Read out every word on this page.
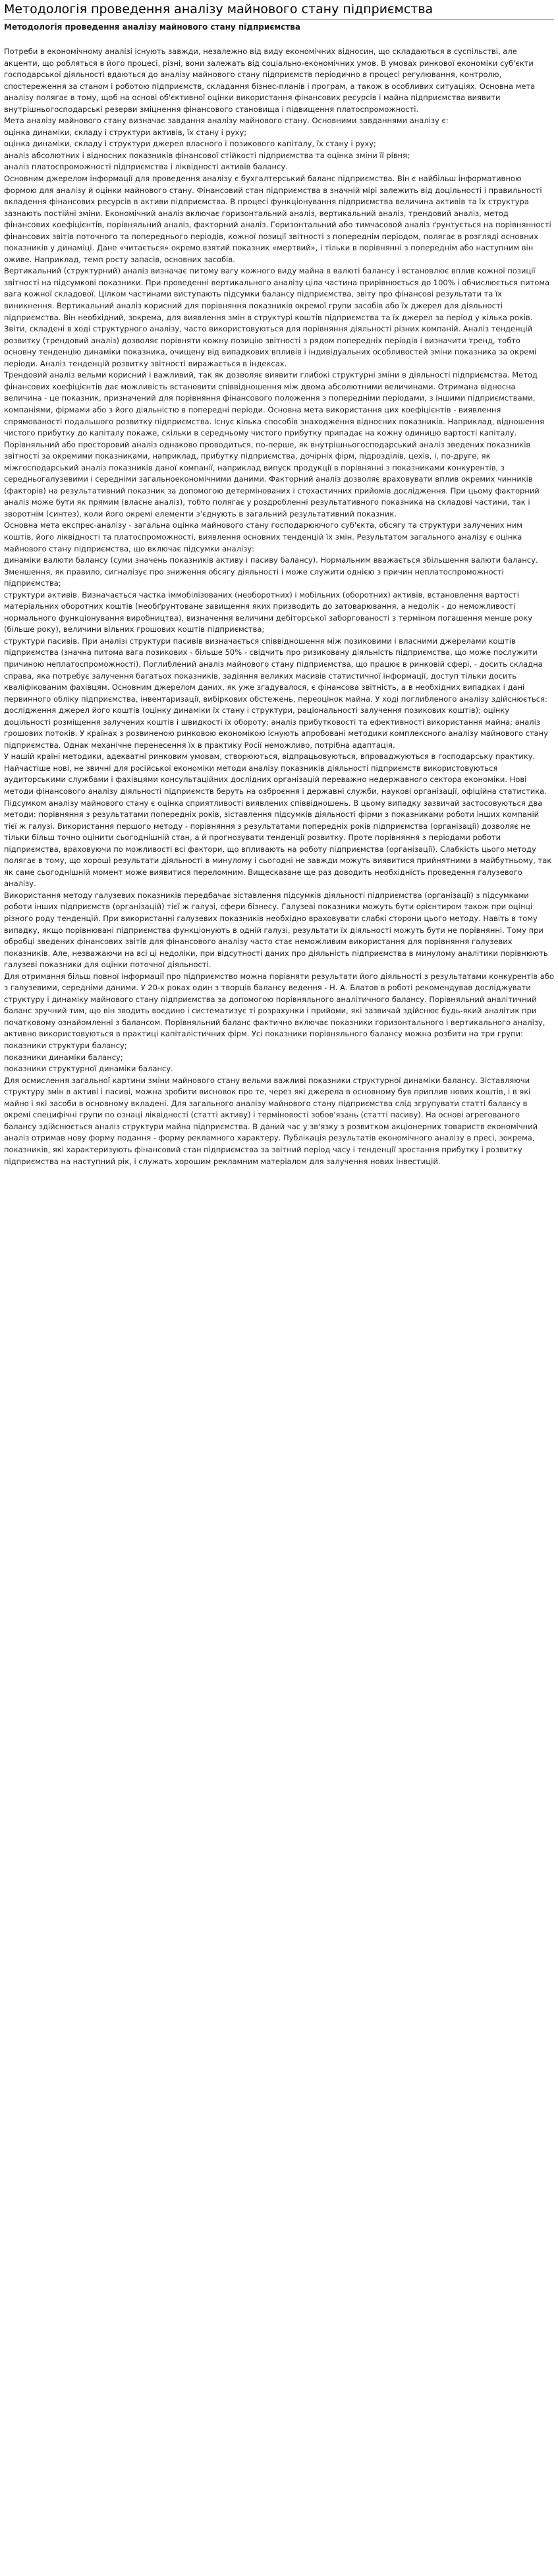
Методологія проведення аналізу майнового стану підприємства
Методологія проведення аналізу майнового стану підприємства

Потреби в економічному аналізі існують завжди, незалежно від виду економічних відносин, що складаються в суспільстві, але акценти, що робляться в його процесі, різні, вони залежать від соціально-економічних умов. В умовах ринкової економіки суб'єкти господарської діяльності вдаються до аналізу майнового стану підприємств періодично в процесі регулювання, контролю, спостереження за станом і роботою підприємств, складання бізнес-планів і програм, а також в особливих ситуаціях. Основна мета аналізу полягає в тому, щоб на основі об'єктивної оцінки використання фінансових ресурсів і майна підприємства виявити внутрішньогосподарські резерви зміцнення фінансового становища і підвищення платоспроможності.

Мета аналізу майнового стану визначає завдання аналізу майнового стану. Основними завданнями аналізу є:

оцінка динаміки, складу і структури активів, їх стану і руху;

оцінка динаміки, складу і структури джерел власного і позикового капіталу, їх стану і руху;

аналіз абсолютних і відносних показників фінансової стійкості підприємства та оцінка зміни її рівня;

аналіз платоспроможності підприємства і ліквідності активів балансу.

Основним джерелом інформації для проведення аналізу є бухгалтерський баланс підприємства. Він є найбільш інформативною формою для аналізу й оцінки майнового стану. Фінансовий стан підприємства в значній мірі залежить від доцільності і правильності вкладення фінансових ресурсів в активи підприємства. В процесі функціонування підприємства величина активів та їх структура зазнають постійні зміни. Економічний аналіз включає горизонтальний аналіз, вертикальний аналіз, трендовий аналіз, метод фінансових коефіцієнтів, порівняльний аналіз, факторний аналіз. Горизонтальний або тимчасовой аналіз ґрунтується на порівнянності фінансових звітів поточного та попереднього періодів, кожної позиції звітності з попереднім періодом, полягає в розгляді основних показників у динаміці. Дане «читається» окремо взятий показник «мертвий», і тільки в порівнянні з попереднім або наступним він оживе. Наприклад, темп росту запасів, основних засобів.

Вертикальний (структурний) аналіз визначає питому вагу кожного виду майна в валюті балансу і встановлює вплив кожної позиції звітності на підсумкові показники. При проведенні вертикального аналізу ціла частина прирівнюється до 100% і обчислюється питома вага кожної складової. Цілком частинами виступають підсумки балансу підприємства, звіту про фінансові результати та їх виникнення. Вертикальний аналіз корисний для порівняння показників окремої групи засобів або їх джерел для діяльності підприємства. Він необхідний, зокрема, для виявлення змін в структурі коштів підприємства та їх джерел за період у кілька років. Звіти, складені в ході структурного аналізу, часто використовуються для порівняння діяльності різних компаній. Аналіз тенденцій розвитку (трендовий аналіз) дозволяє порівняти кожну позицію звітності з рядом попередніх періодів і визначити тренд, тобто основну тенденцію динаміки показника, очищену від випадкових впливів і індивідуальних особливостей зміни показника за окремі періоди. Аналіз тенденцій розвитку звітності виражається в індексах.

Трендовий аналіз вельми корисний і важливий, так як дозволяє виявити глибокі структурні зміни в діяльності підприємства. Метод фінансових коефіцієнтів дає можливість встановити співвідношення між двома абсолютними величинами. Отримана відносна величина - це показник, призначений для порівняння фінансового положення з попередніми періодами, з іншими підприємствами, компаніями, фірмами або з його діяльністю в попередні періоди. Основна мета використання цих коефіцієнтів - виявлення спрямованості подальшого розвитку підприємства. Існує кілька способів знаходження відносних показників. Наприклад, відношення чистого прибутку до капіталу покаже, скільки в середньому чистого прибутку припадає на кожну одиницю вартості капіталу. Порівняльний або просторовий аналіз однаково проводиться, по-перше, як внутрішньогосподарський аналіз зведених показників звітності за окремими показниками, наприклад, прибутку підприємства, дочірніх фірм, підрозділів, цехів, і, по-друге, як міжгосподарський аналіз показників даної компанії, наприклад випуск продукції в порівнянні з показниками конкурентів, з середньогалузевими і середніми загальноекономічними даними. Факторний аналіз дозволяє враховувати вплив окремих чинників (факторів) на результативний показник за допомогою детермінованих і стохастичних прийомів дослідження. При цьому факторний аналіз може бути як прямим (власне аналіз), тобто полягає у роздробленні результативного показника на складові частини, так і зворотнім (синтез), коли його окремі елементи з'єднують в загальний результативний показник.

Основна мета експрес-аналізу - загальна оцінка майнового стану господарюючого суб'єкта, обсягу та структури залучених ним коштів, його ліквідності та платоспроможності, виявлення основних тенденцій їх змін. Результатом загального аналізу є оцінка майнового стану підприємства, що включає підсумки аналізу:

динаміки валюти балансу (суми значень показників активу і пасиву балансу). Нормальним вважається збільшення валюти балансу. Зменшення, як правило, сигналізує про зниження обсягу діяльності і може служити однією з причин неплатоспроможності підприємства;

структури активів. Визначається частка іммобілізованих (необоротних) і мобільних (оборотних) активів, встановлення вартості матеріальних оборотних коштів (необґрунтоване завищення яких призводить до затоварювання, а недолік - до неможливості нормального функціонування виробництва), визначення величини дебіторської заборгованості з терміном погашення менше року (більше року), величини вільних грошових коштів підприємства;

структури пасивів. При аналізі структури пасивів визначається співвідношення між позиковими і власними джерелами коштів підприємства (значна питома вага позикових - більше 50% - свідчить про ризиковану діяльність підприємства, що може послужити причиною неплатоспроможності). Поглиблений аналіз майнового стану підприємства, що працює в ринковій сфері, - досить складна справа, яка потребує залучення багатьох показників, задіяння великих масивів статистичної інформації, доступ тільки досить кваліфікованим фахівцям. Основним джерелом даних, як уже згадувалося, є фінансова звітність, а в необхідних випадках і дані первинного обліку підприємства, інвентаризації, вибіркових обстежень, переоцінок майна. У ході поглибленого аналізу здійснюється: дослідження джерел його коштів (оцінку динаміки їх стану і структури, раціональності залучення позикових коштів); оцінку доцільності розміщення залучених коштів і швидкості їх обороту; аналіз прибутковості та ефективності використання майна; аналіз грошових потоків. У країнах з розвиненою ринковою економікою існують апробовані методики комплексного аналізу майнового стану підприємства. Однак механічне перенесення їх в практику Росії неможливо, потрібна адаптація.

У нашій країні методики, адекватні ринковим умовам, створюються, відпрацьовуються, впроваджуються в господарську практику. Найчастіше нові, не звичні для російської економіки методи аналізу показників діяльності підприємств використовуються аудиторськими службами і фахівцями консультаційних дослідних організацій переважно недержавного сектора економіки. Нові методи фінансового аналізу діяльності підприємств беруть на озброєння і державні служби, наукові організації, офіційна статистика. Підсумком аналізу майнового стану є оцінка сприятливості виявлених співвідношень. В цьому випадку зазвичай застосовуються два методи: порівняння з результатами попередніх років, зіставлення підсумків діяльності фірми з показниками роботи інших компаній тієї ж галузі. Використання першого методу - порівняння з результатами попередніх років підприємства (організації) дозволяє не тільки більш точно оцінити сьогоднішній стан, а й прогнозувати тенденції розвитку. Проте порівняння з періодами роботи підприємства, враховуючи по можливості всі фактори, що впливають на роботу підприємства (організації). Слабкість цього методу полягає в тому, що хороші результати діяльності в минулому і сьогодні не завжди можуть виявитися прийнятними в майбутньому, так як саме сьогоднішній момент може виявитися переломним. Вищесказане ще раз доводить необхідність проведення галузевого аналізу.

Використання методу галузевих показників передбачає зіставлення підсумків діяльності підприємства (організації) з підсумками роботи інших підприємств (організацій) тієї ж галузі, сфери бізнесу. Галузеві показники можуть бути орієнтиром також при оцінці різного роду тенденцій. При використанні галузевих показників необхідно враховувати слабкі сторони цього методу. Навіть в тому випадку, якщо порівнювані підприємства функціонують в одній галузі, результати їх діяльності можуть бути не порівнянні. Тому при обробці зведених фінансових звітів для фінансового аналізу часто стає неможливим використання для порівняння галузевих показників. Але, незважаючи на всі ці недоліки, при відсутності даних про діяльність підприємства в минулому аналітики порівнюють галузеві показники для оцінки поточної діяльності.

Для отримання більш повної інформації про підприємство можна порівняти результати його діяльності з результатами конкурентів або з галузевими, середніми даними. У 20-х роках один з творців балансу ведення - Н. А. Блатов в роботі рекомендував досліджувати структуру і динаміку майнового стану підприємства за допомогою порівняльного аналітичного балансу. Порівняльний аналітичний баланс зручний тим, що він зводить воєдино і систематизує ті розрахунки і прийоми, які зазвичай здійснює будь-який аналітик при початковому ознайомленні з балансом. Порівняльний баланс фактично включає показники горизонтального і вертикального аналізу, активно використовуються в практиці капіталістичних фірм. Усі показники порівняльного балансу можна розбити на три групи:

показники структури балансу;

показники динаміки балансу;

показники структурної динаміки балансу.

Для осмислення загальної картини зміни майнового стану вельми важливі показники структурної динаміки балансу. Зіставляючи структуру змін в активі і пасиві, можна зробити висновок про те, через які джерела в основному був приплив нових коштів, і в які майно і які засоби в основному вкладені. Для загального аналізу майнового стану підприємства слід згрупувати статті балансу в окремі специфічні групи по ознаці ліквідності (статті активу) і терміновості зобов'язань (статті пасиву). На основі агрегованого балансу здійснюється аналіз структури майна підприємства. В даний час у зв'язку з розвитком акціонерних товариств економічний аналіз отримав нову форму подання - форму рекламного характеру. Публікація результатів економічного аналізу в пресі, зокрема, показників, які характеризують фінансовий стан підприємства за звітний період часу і тенденції зростання прибутку і розвитку підприємства на наступний рік, і служать хорошим рекламним матеріалом для залучення нових інвестицій.
